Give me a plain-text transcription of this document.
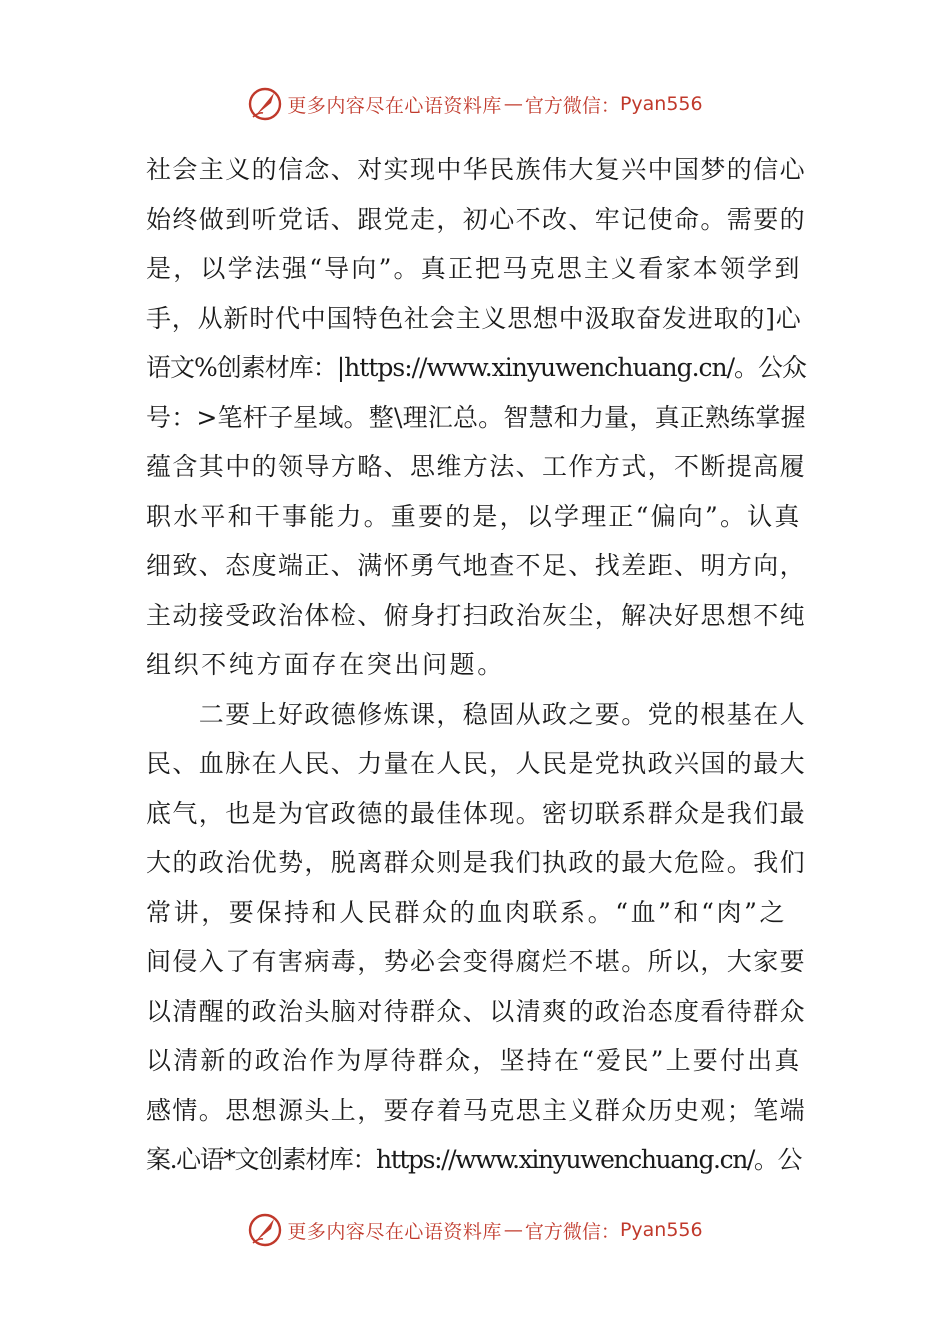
更多内容尽在心语资料库 — 官方微信： Pyan556
社会主义的信念、对实现中华民族伟大复兴中国梦的信心
始终做到听党话、跟党走，初心不改、牢记使命。需要的
是，以学法强“导向”。真正把马克思主义看家本领学到
手，从新时代中国特色社会主义思想中汲取奋发进取的]心
语文%创素材库：|https://www.xinyuwenchuang.cn/。公众
号：>笔杆子星域。整\理汇总。智慧和力量，真正熟练掌握
蕴含其中的领导方略、思维方法、工作方式，不断提高履
职水平和干事能力。重要的是，以学理正“偏向”。认真
细致、态度端正、满怀勇气地查不足、找差距、明方向，
主动接受政治体检、俯身打扫政治灰尘，解决好思想不纯
组织不纯方面存在突出问题。
　　二要上好政德修炼课，稳固从政之要。党的根基在人
民、血脉在人民、力量在人民，人民是党执政兴国的最大
底气，也是为官政德的最佳体现。密切联系群众是我们最
大的政治优势，脱离群众则是我们执政的最大危险。我们
常讲，要保持和人民群众的血肉联系。“血”和“肉”之
间侵入了有害病毒，势必会变得腐烂不堪。所以，大家要
以清醒的政治头脑对待群众、以清爽的政治态度看待群众
以清新的政治作为厚待群众，坚持在“爱民”上要付出真
感情。思想源头上，要存着马克思主义群众历史观；笔端
案.心语*文创素材库：https://www.xinyuwenchuang.cn/。公
更多内容尽在心语资料库 — 官方微信： Pyan556
